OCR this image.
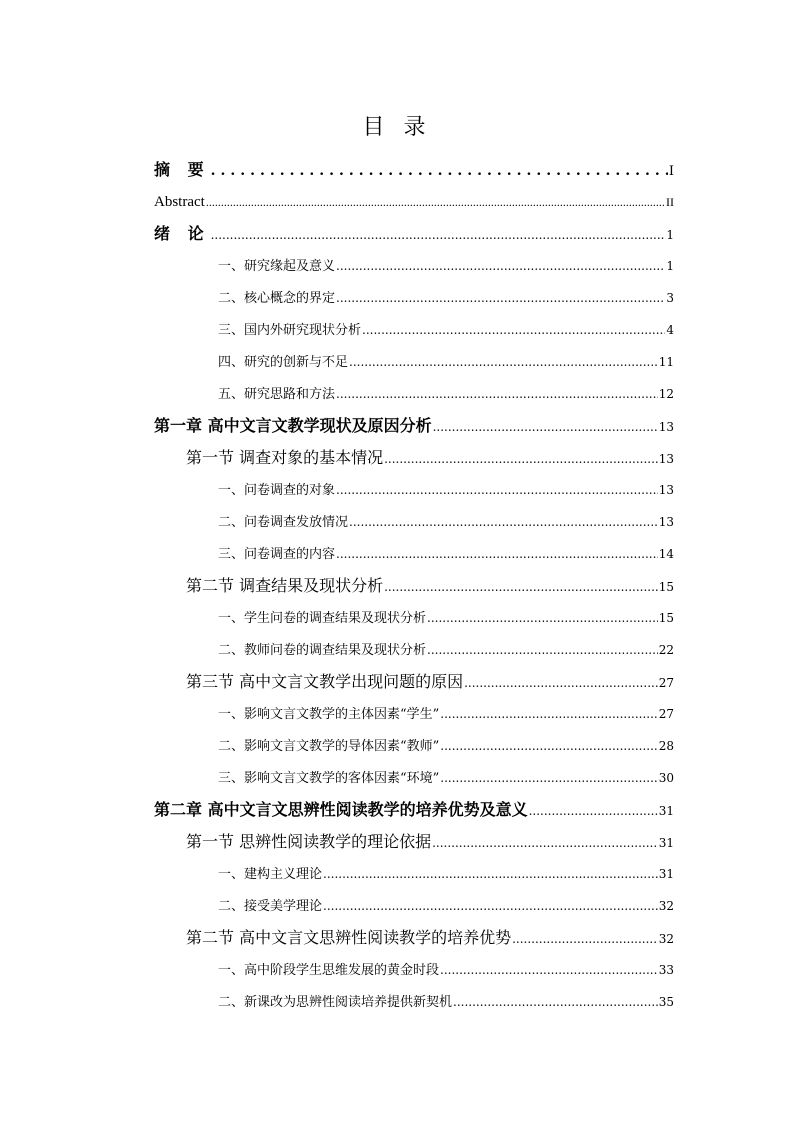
目 录
摘 要 .....	I
Abstract .....	II
绪 论 .....	1
一、研究缘起及意义 .....	1
二、核心概念的界定 .....	3
三、国内外研究现状分析 .....	4
四、研究的创新与不足 .....	11
五、研究思路和方法 .....	12
第一章 高中文言文教学现状及原因分析 .....	13
第一节 调查对象的基本情况 .....	13
一、问卷调查的对象 .....	13
二、问卷调查发放情况 .....	13
三、问卷调查的内容 .....	14
第二节 调查结果及现状分析 .....	15
一、学生问卷的调查结果及现状分析 .....	15
二、教师问卷的调查结果及现状分析 .....	22
第三节 高中文言文教学出现问题的原因 .....	27
一、影响文言文教学的主体因素“学生” .....	27
二、影响文言文教学的导体因素“教师” .....	28
三、影响文言文教学的客体因素“环境” .....	30
第二章 高中文言文思辨性阅读教学的培养优势及意义 .....	31
第一节 思辨性阅读教学的理论依据 .....	31
一、建构主义理论 .....	31
二、接受美学理论 .....	32
第二节 高中文言文思辨性阅读教学的培养优势 .....	32
一、高中阶段学生思维发展的黄金时段 .....	33
二、新课改为思辨性阅读培养提供新契机 .....	35
